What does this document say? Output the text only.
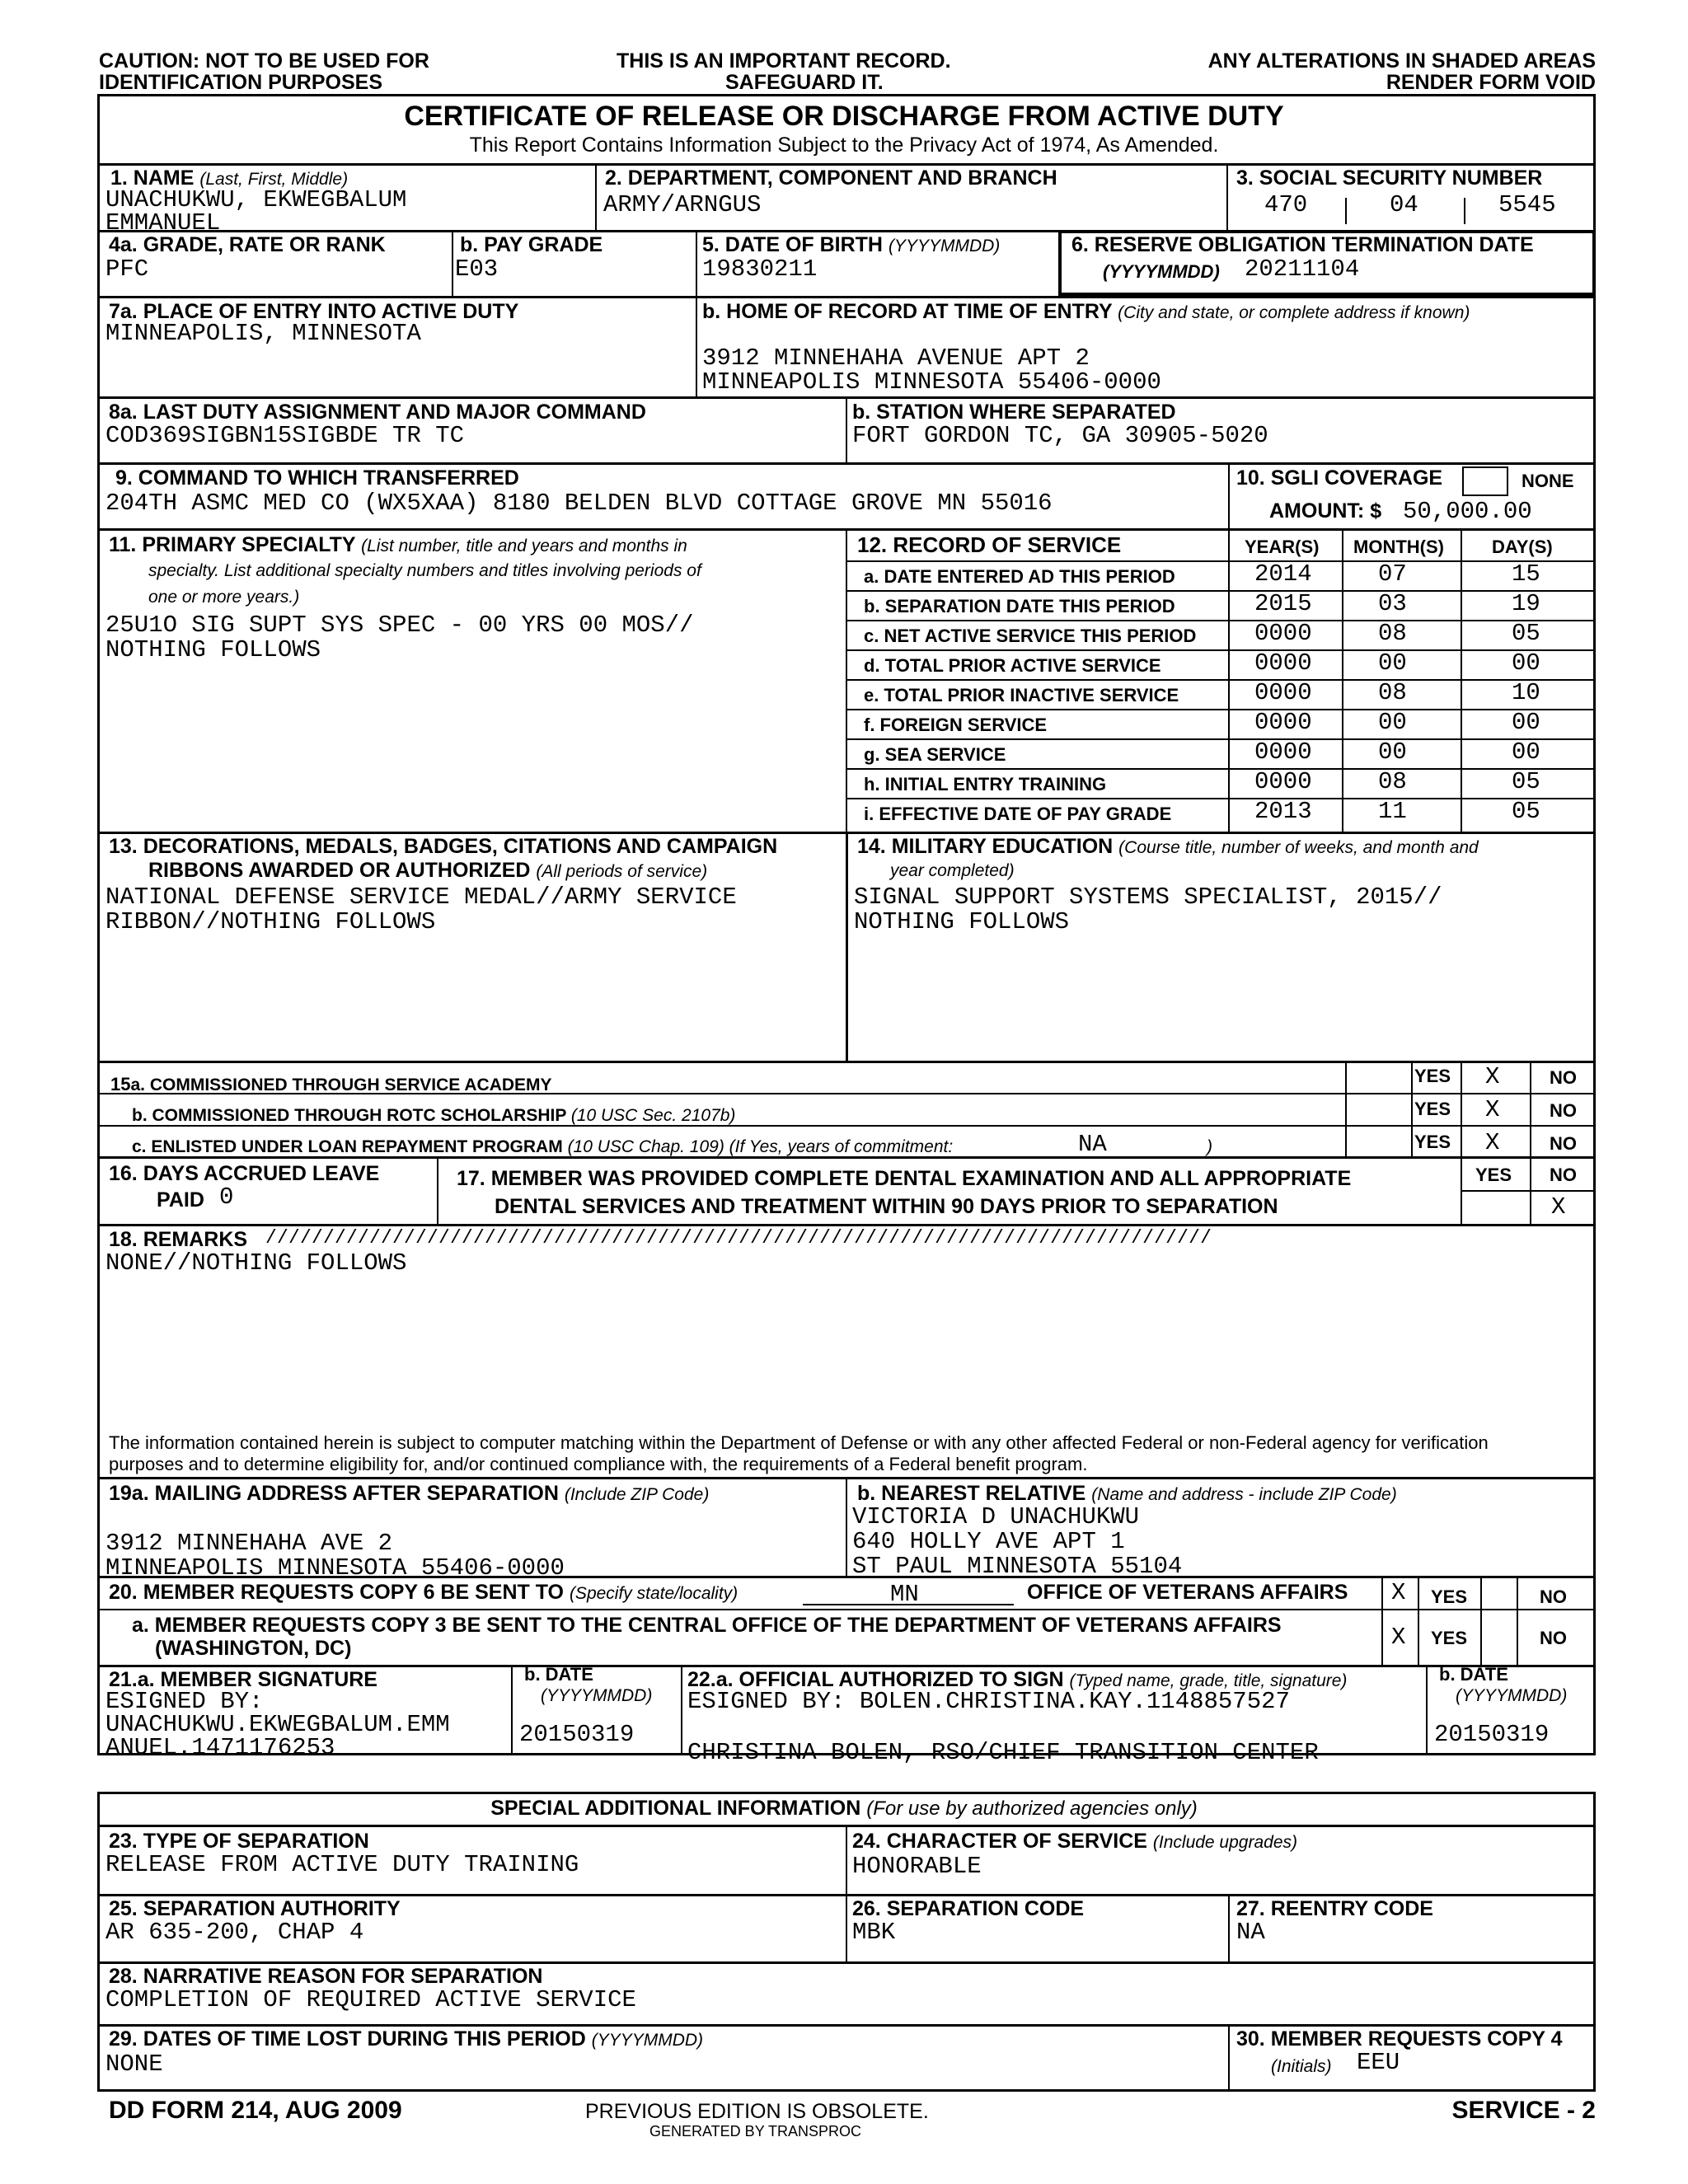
CAUTION: NOT TO BE USED FOR
IDENTIFICATION PURPOSES
THIS IS AN IMPORTANT RECORD.
SAFEGUARD IT.
ANY ALTERATIONS IN SHADED AREAS
RENDER FORM VOID
CERTIFICATE OF RELEASE OR DISCHARGE FROM ACTIVE DUTY
This Report Contains Information Subject to the Privacy Act of 1974, As Amended.
1. NAME (Last, First, Middle)
UNACHUKWU, EKWEGBALUM
EMMANUEL
2. DEPARTMENT, COMPONENT AND BRANCH
ARMY/ARNGUS
3. SOCIAL SECURITY NUMBER
470	04	5545
4a. GRADE, RATE OR RANK
PFC
b. PAY GRADE
E03
5. DATE OF BIRTH (YYYYMMDD)
19830211
6. RESERVE OBLIGATION TERMINATION DATE
(YYYYMMDD) 20211104
7a. PLACE OF ENTRY INTO ACTIVE DUTY
MINNEAPOLIS, MINNESOTA
b. HOME OF RECORD AT TIME OF ENTRY (City and state, or complete address if known)
3912 MINNEHAHA AVENUE APT 2
MINNEAPOLIS MINNESOTA 55406-0000
8a. LAST DUTY ASSIGNMENT AND MAJOR COMMAND
COD369SIGBN15SIGBDE TR TC
b. STATION WHERE SEPARATED
FORT GORDON TC, GA 30905-5020
9. COMMAND TO WHICH TRANSFERRED
204TH ASMC MED CO (WX5XAA) 8180 BELDEN BLVD COTTAGE GROVE MN 55016
10. SGLI COVERAGE	NONE
AMOUNT: $ 50,000.00
11. PRIMARY SPECIALTY (List number, title and years and months in
specialty. List additional specialty numbers and titles involving periods of
one or more years.)
25U1O SIG SUPT SYS SPEC - 00 YRS 00 MOS//
NOTHING FOLLOWS
12. RECORD OF SERVICE	YEAR(S) MONTH(S)	DAY(S)
a. DATE ENTERED AD THIS PERIOD	2014	07	15
b. SEPARATION DATE THIS PERIOD	2015	03	19
c. NET ACTIVE SERVICE THIS PERIOD 0000	08	05
d. TOTAL PRIOR ACTIVE SERVICE	0000	00	00
e. TOTAL PRIOR INACTIVE SERVICE	0000	08	10
f. FOREIGN SERVICE	0000	00	00
g. SEA SERVICE	0000	00	00
h. INITIAL ENTRY TRAINING	0000	08	05
i. EFFECTIVE DATE OF PAY GRADE	2013	11	05
13. DECORATIONS, MEDALS, BADGES, CITATIONS AND CAMPAIGN
RIBBONS AWARDED OR AUTHORIZED (All periods of service)
NATIONAL DEFENSE SERVICE MEDAL//ARMY SERVICE
RIBBON//NOTHING FOLLOWS
14. MILITARY EDUCATION (Course title, number of weeks, and month and
year completed)
SIGNAL SUPPORT SYSTEMS SPECIALIST, 2015//
NOTHING FOLLOWS
15a. COMMISSIONED THROUGH SERVICE ACADEMY
b. COMMISSIONED THROUGH ROTC SCHOLARSHIP (10 USC Sec. 2107b)
c. ENLISTED UNDER LOAN REPAYMENT PROGRAM (10 USC Chap. 109) (If Yes, years of commitment:	NA	)
YES X	NO
YES X	NO
YES X	NO
16. DAYS ACCRUED LEAVE
PAID 0
17. MEMBER WAS PROVIDED COMPLETE DENTAL EXAMINATION AND ALL APPROPRIATE
DENTAL SERVICES AND TREATMENT WITHIN 90 DAYS PRIOR TO SEPARATION
YES NO
X
18. REMARKS //////////////////////////////////////////////////////////////////////////////////
NONE//NOTHING FOLLOWS
The information contained herein is subject to computer matching within the Department of Defense or with any other affected Federal or non-Federal agency for verification
purposes and to determine eligibility for, and/or continued compliance with, the requirements of a Federal benefit program.
19a. MAILING ADDRESS AFTER SEPARATION (Include ZIP Code)
3912 MINNEHAHA AVE 2
MINNEAPOLIS MINNESOTA 55406-0000
b. NEAREST RELATIVE (Name and address - include ZIP Code)
VICTORIA D UNACHUKWU
640 HOLLY AVE APT 1
ST PAUL MINNESOTA 55104
20. MEMBER REQUESTS COPY 6 BE SENT TO (Specify state/locality)	MN	OFFICE OF VETERANS AFFAIRS X YES	NO
a. MEMBER REQUESTS COPY 3 BE SENT TO THE CENTRAL OFFICE OF THE DEPARTMENT OF VETERANS AFFAIRS
(WASHINGTON, DC)	X YES	NO
21.a. MEMBER SIGNATURE
ESIGNED BY:
UNACHUKWU.EKWEGBALUM.EMM
ANUEL.1471176253
b. DATE
(YYYYMMDD)
20150319
22.a. OFFICIAL AUTHORIZED TO SIGN (Typed name, grade, title, signature)
ESIGNED BY: BOLEN.CHRISTINA.KAY.1148857527
CHRISTINA BOLEN, RSO/CHIEF TRANSITION CENTER
b. DATE
(YYYYMMDD)
20150319
SPECIAL ADDITIONAL INFORMATION (For use by authorized agencies only)
23. TYPE OF SEPARATION
RELEASE FROM ACTIVE DUTY TRAINING
24. CHARACTER OF SERVICE (Include upgrades)
HONORABLE
25. SEPARATION AUTHORITY
AR 635-200, CHAP 4
26. SEPARATION CODE
MBK
27. REENTRY CODE
NA
28. NARRATIVE REASON FOR SEPARATION
COMPLETION OF REQUIRED ACTIVE SERVICE
29. DATES OF TIME LOST DURING THIS PERIOD (YYYYMMDD)
NONE
30. MEMBER REQUESTS COPY 4
(Initials) EEU
DD FORM 214, AUG 2009	PREVIOUS EDITION IS OBSOLETE.
GENERATED BY TRANSPROC
SERVICE - 2
